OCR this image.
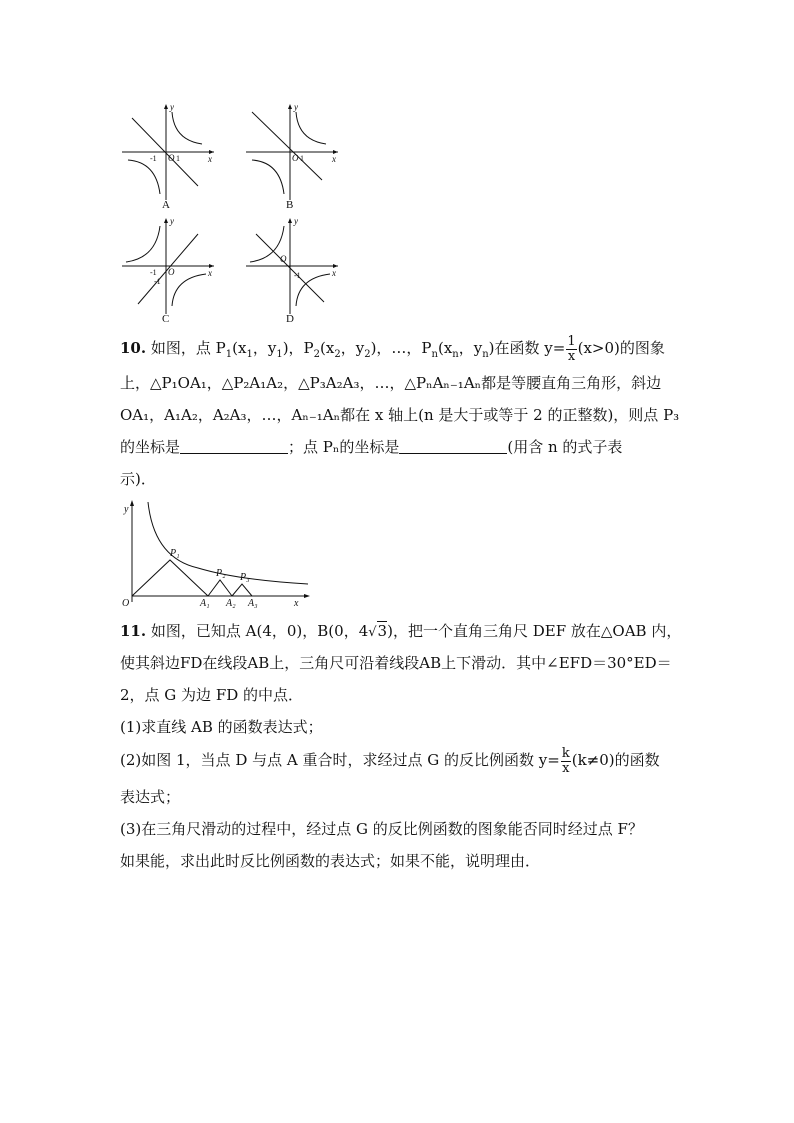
y
x
O 1
-1
A
y
x
O 1
B
y
x
O
-1
-1
C
y
x
O
-1
D
10. 如图，点 $P_1(x_1$，$y_1$)，$P_2(x_2$，$y_2$)，…，$P_n(x_n$，$y_n$)在函数 $y= \frac{1}{x} (x>0)$的图象
上，△P₁OA₁，△P₂A₁A₂，△P₃A₂A₃，…，△PₙAₙ₋₁Aₙ都是等腰直角三角形，斜边
OA₁，A₁A₂，A₂A₃，…，Aₙ₋₁Aₙ都在 x 轴上(n 是大于或等于 2 的正整数)，则点 P₃
的坐标是	；点 Pₙ的坐标是	(用含 n 的式子表
示)．
y
x
O
P₁
P₂ P₃
A₁ A₂ A₃
11. 如图，已知点 A(4，0)，B(0，4√3)，把一个直角三角尺 DEF 放在△OAB 内，
使其斜边FD在线段AB上，三角尺可沿着线段AB上下滑动．其中∠EFD＝30°ED＝
2，点 G 为边 FD 的中点．
(1)求直线 AB 的函数表达式；
(2)如图 1，当点 D 与点 A 重合时，求经过点 G 的反比例函数 $y= \frac{k}{x} (k\ne 0)$的函数
表达式；
(3)在三角尺滑动的过程中，经过点 G 的反比例函数的图象能否同时经过点 F？
如果能，求出此时反比例函数的表达式；如果不能，说明理由．
